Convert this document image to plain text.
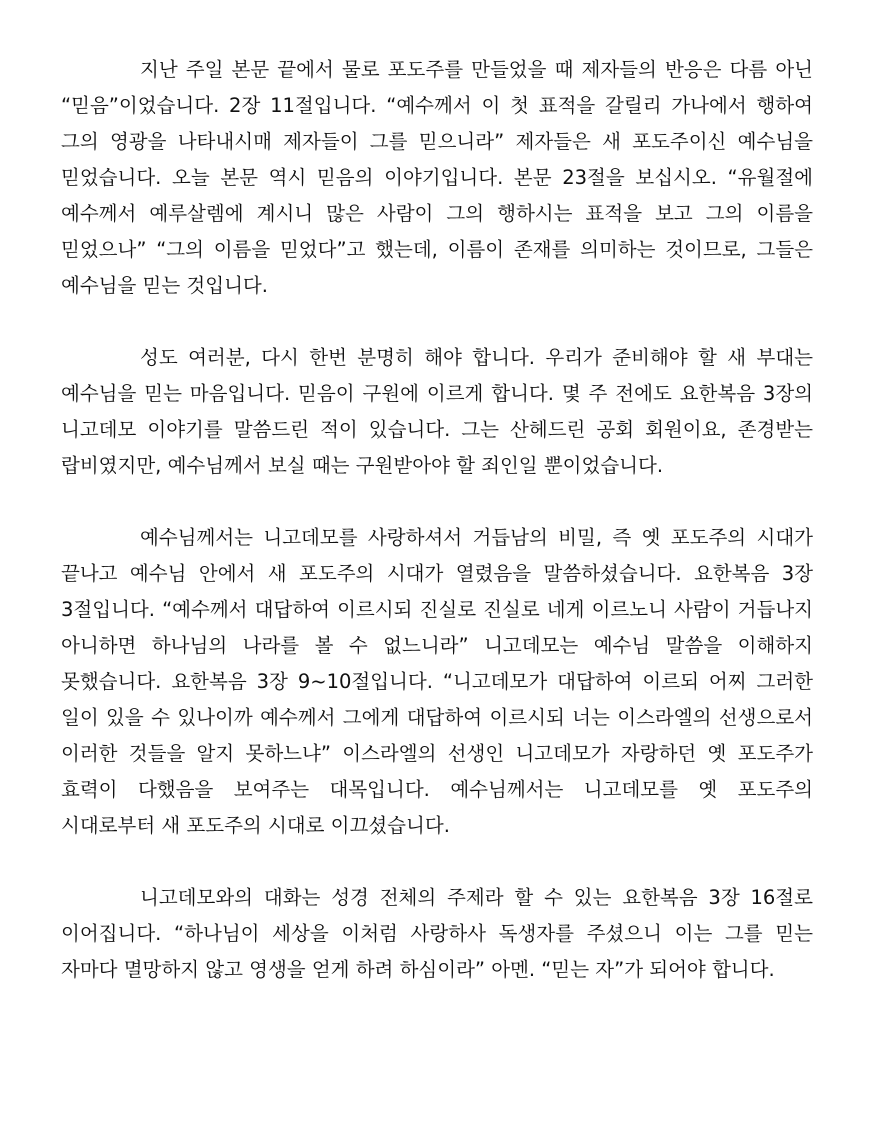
지난 주일 본문 끝에서 물로 포도주를 만들었을 때 제자들의 반응은 다름 아닌 “믿음”이었습니다. 2장 11절입니다. “예수께서 이 첫 표적을 갈릴리 가나에서 행하여 그의 영광을 나타내시매 제자들이 그를 믿으니라” 제자들은 새 포도주이신 예수님을 믿었습니다. 오늘 본문 역시 믿음의 이야기입니다. 본문 23절을 보십시오. “유월절에 예수께서 예루살렘에 계시니 많은 사람이 그의 행하시는 표적을 보고 그의 이름을 믿었으나” “그의 이름을 믿었다”고 했는데, 이름이 존재를 의미하는 것이므로, 그들은 예수님을 믿는 것입니다.

성도 여러분, 다시 한번 분명히 해야 합니다. 우리가 준비해야 할 새 부대는 예수님을 믿는 마음입니다. 믿음이 구원에 이르게 합니다. 몇 주 전에도 요한복음 3장의 니고데모 이야기를 말씀드린 적이 있습니다. 그는 산헤드린 공회 회원이요, 존경받는 랍비였지만, 예수님께서 보실 때는 구원받아야 할 죄인일 뿐이었습니다.

예수님께서는 니고데모를 사랑하셔서 거듭남의 비밀, 즉 옛 포도주의 시대가 끝나고 예수님 안에서 새 포도주의 시대가 열렸음을 말씀하셨습니다. 요한복음 3장 3절입니다. “예수께서 대답하여 이르시되 진실로 진실로 네게 이르노니 사람이 거듭나지 아니하면 하나님의 나라를 볼 수 없느니라” 니고데모는 예수님 말씀을 이해하지 못했습니다. 요한복음 3장 9~10절입니다. “니고데모가 대답하여 이르되 어찌 그러한 일이 있을 수 있나이까 예수께서 그에게 대답하여 이르시되 너는 이스라엘의 선생으로서 이러한 것들을 알지 못하느냐” 이스라엘의 선생인 니고데모가 자랑하던 옛 포도주가 효력이 다했음을 보여주는 대목입니다. 예수님께서는 니고데모를 옛 포도주의 시대로부터 새 포도주의 시대로 이끄셨습니다.

니고데모와의 대화는 성경 전체의 주제라 할 수 있는 요한복음 3장 16절로 이어집니다. “하나님이 세상을 이처럼 사랑하사 독생자를 주셨으니 이는 그를 믿는 자마다 멸망하지 않고 영생을 얻게 하려 하심이라” 아멘. “믿는 자”가 되어야 합니다.
